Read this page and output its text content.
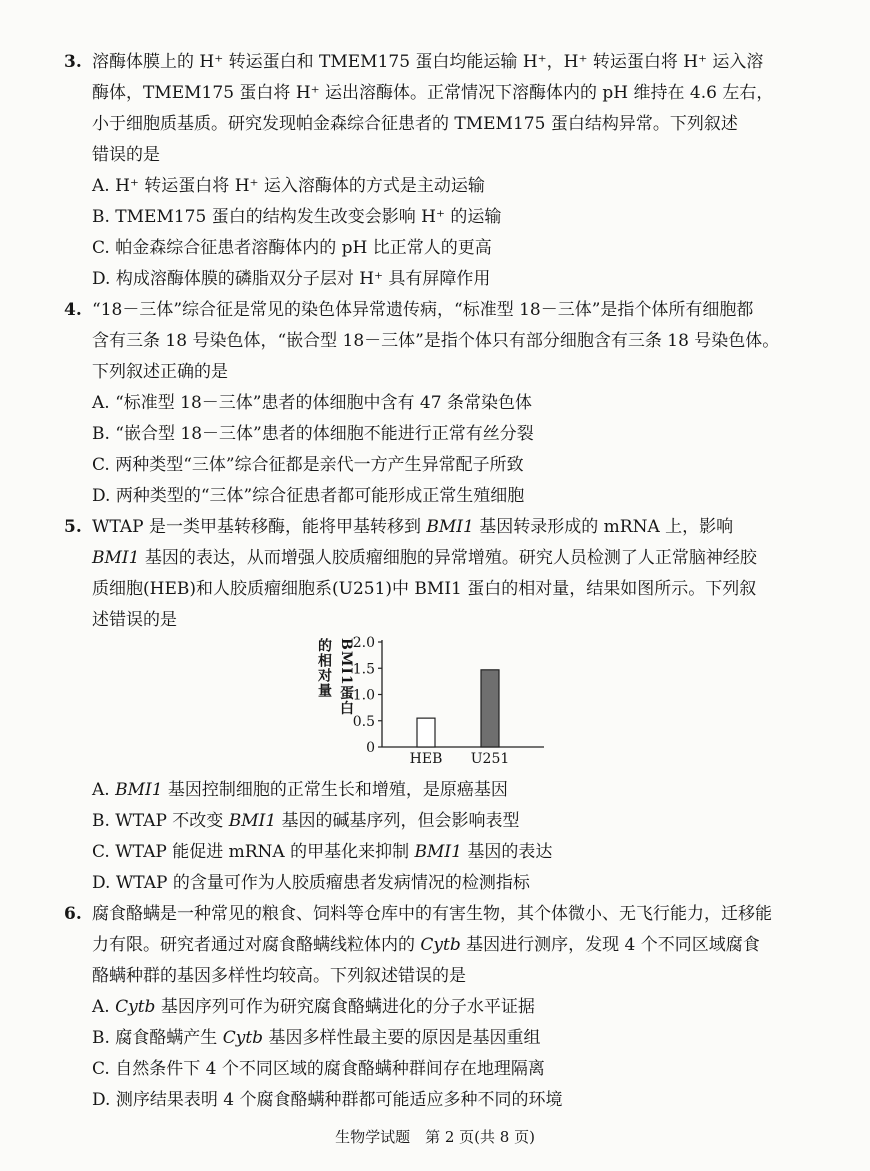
3. 溶酶体膜上的 H⁺ 转运蛋白和 TMEM175 蛋白均能运输 H⁺，H⁺ 转运蛋白将 H⁺ 运入溶
酶体，TMEM175 蛋白将 H⁺ 运出溶酶体。正常情况下溶酶体内的 pH 维持在 4.6 左右，
小于细胞质基质。研究发现帕金森综合征患者的 TMEM175 蛋白结构异常。下列叙述
错误的是
A. H⁺ 转运蛋白将 H⁺ 运入溶酶体的方式是主动运输
B. TMEM175 蛋白的结构发生改变会影响 H⁺ 的运输
C. 帕金森综合征患者溶酶体内的 pH 比正常人的更高
D. 构成溶酶体膜的磷脂双分子层对 H⁺ 具有屏障作用
4. “18－三体”综合征是常见的染色体异常遗传病，“标准型 18－三体”是指个体所有细胞都
含有三条 18 号染色体，“嵌合型 18－三体”是指个体只有部分细胞含有三条 18 号染色体。
下列叙述正确的是
A. “标准型 18－三体”患者的体细胞中含有 47 条常染色体
B. “嵌合型 18－三体”患者的体细胞不能进行正常有丝分裂
C. 两种类型“三体”综合征都是亲代一方产生异常配子所致
D. 两种类型的“三体”综合征患者都可能形成正常生殖细胞
5. WTAP 是一类甲基转移酶，能将甲基转移到 BMI1 基因转录形成的 mRNA 上，影响
BMI1 基因的表达，从而增强人胶质瘤细胞的异常增殖。研究人员检测了人正常脑神经胶
质细胞(HEB)和人胶质瘤细胞系(U251)中 BMI1 蛋白的相对量，结果如图所示。下列叙
述错误的是
BMI1蛋白
的相对量
0
0.5
1.0
1.5
2.0
HEB U251
A. BMI1 基因控制细胞的正常生长和增殖，是原癌基因
B. WTAP 不改变 BMI1 基因的碱基序列，但会影响表型
C. WTAP 能促进 mRNA 的甲基化来抑制 BMI1 基因的表达
D. WTAP 的含量可作为人胶质瘤患者发病情况的检测指标
6. 腐食酪螨是一种常见的粮食、饲料等仓库中的有害生物，其个体微小、无飞行能力，迁移能
力有限。研究者通过对腐食酪螨线粒体内的 Cytb 基因进行测序，发现 4 个不同区域腐食
酪螨种群的基因多样性均较高。下列叙述错误的是
A. Cytb 基因序列可作为研究腐食酪螨进化的分子水平证据
B. 腐食酪螨产生 Cytb 基因多样性最主要的原因是基因重组
C. 自然条件下 4 个不同区域的腐食酪螨种群间存在地理隔离
D. 测序结果表明 4 个腐食酪螨种群都可能适应多种不同的环境
生物学试题　第 2 页(共 8 页)
